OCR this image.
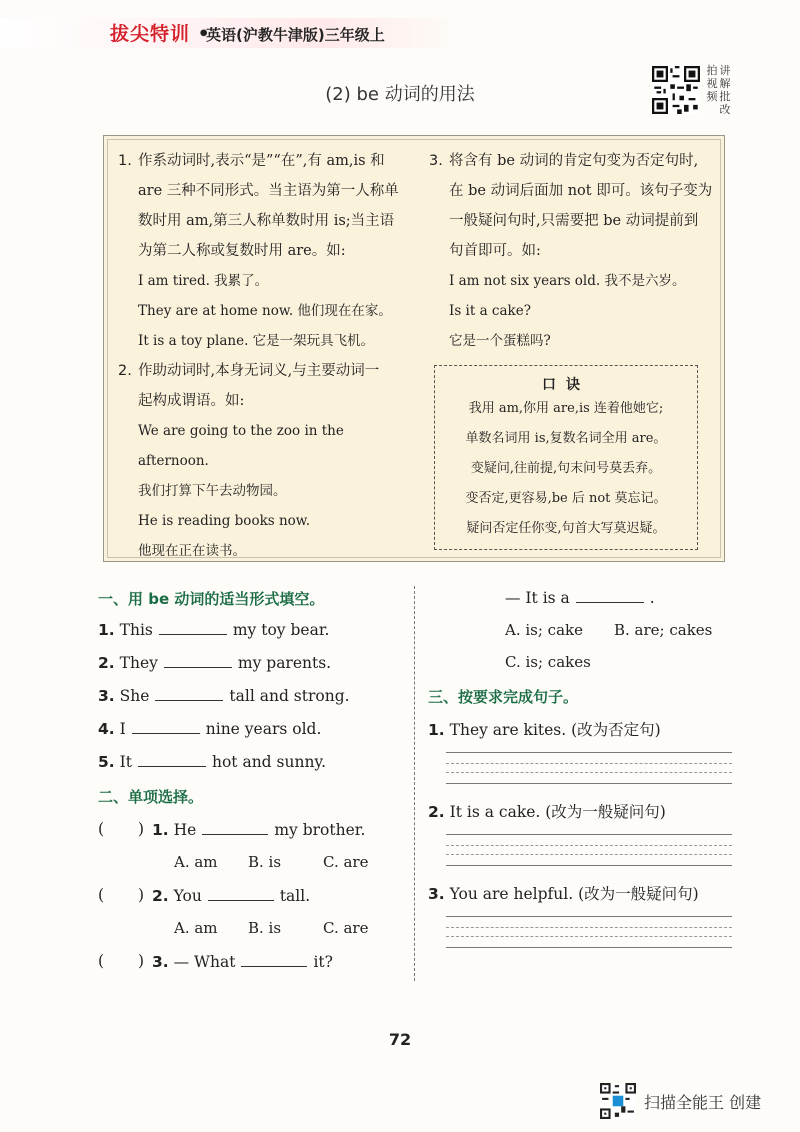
拔尖特训 •
英语(沪教牛津版)三年级上
(2) be 动词的用法
拍视频
讲解批改
1. 作系动词时,表示“是”“在”,有 am,is 和
are 三种不同形式。当主语为第一人称单
数时用 am,第三人称单数时用 is;当主语
为第二人称或复数时用 are。如:
I am tired. 我累了。
They are at home now. 他们现在在家。
It is a toy plane. 它是一架玩具飞机。
2. 作助动词时,本身无词义,与主要动词一
起构成谓语。如:
We are going to the zoo in the afternoon.
我们打算下午去动物园。
He is reading books now.
他现在正在读书。
3. 将含有 be 动词的肯定句变为否定句时,
在 be 动词后面加 not 即可。该句子变为
一般疑问句时,只需要把 be 动词提前到
句首即可。如:
I am not six years old. 我不是六岁。
Is it a cake?
它是一个蛋糕吗?
口诀
我用 am,你用 are,is 连着他她它;
单数名词用 is,复数名词全用 are。
变疑问,往前提,句末问号莫丢弃。
变否定,更容易,be 后 not 莫忘记。
疑问否定任你变,句首大写莫迟疑。
一、用 be 动词的适当形式填空。
1. This	my toy bear.
2. They	my parents.
3. She	tall and strong.
4. I	nine years old.
5. It	hot and sunny.
二、单项选择。
( ) 1. He	my brother.
A. am B. is	C. are
( ) 2. You	tall.
A. am B. is	C. are
( ) 3. — What	it?
— It is a	.
A. is; cake B. are; cakes
C. is; cakes
三、按要求完成句子。
1. They are kites. (改为否定句)
2. It is a cake. (改为一般疑问句)
3. You are helpful. (改为一般疑问句)
72
扫描全能王 创建
